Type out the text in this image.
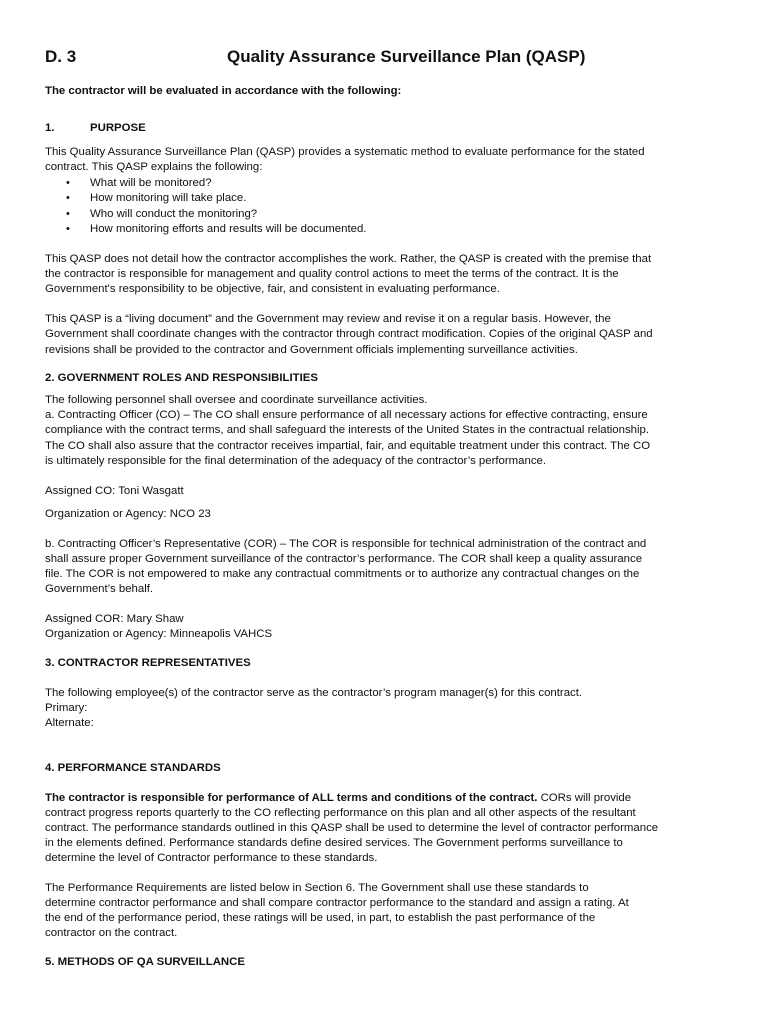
D. 3	Quality Assurance Surveillance Plan (QASP)
The contractor will be evaluated in accordance with the following:
1.	PURPOSE
This Quality Assurance Surveillance Plan (QASP) provides a systematic method to evaluate performance for the stated
contract. This QASP explains the following:
• What will be monitored?
• How monitoring will take place.
• Who will conduct the monitoring?
• How monitoring efforts and results will be documented.
This QASP does not detail how the contractor accomplishes the work. Rather, the QASP is created with the premise that
the contractor is responsible for management and quality control actions to meet the terms of the contract. It is the
Government's responsibility to be objective, fair, and consistent in evaluating performance.
This QASP is a “living document” and the Government may review and revise it on a regular basis. However, the
Government shall coordinate changes with the contractor through contract modification. Copies of the original QASP and
revisions shall be provided to the contractor and Government officials implementing surveillance activities.
2. GOVERNMENT ROLES AND RESPONSIBILITIES
The following personnel shall oversee and coordinate surveillance activities.
a. Contracting Officer (CO) – The CO shall ensure performance of all necessary actions for effective contracting, ensure
compliance with the contract terms, and shall safeguard the interests of the United States in the contractual relationship.
The CO shall also assure that the contractor receives impartial, fair, and equitable treatment under this contract. The CO
is ultimately responsible for the final determination of the adequacy of the contractor’s performance.
Assigned CO: Toni Wasgatt
Organization or Agency: NCO 23
b. Contracting Officer’s Representative (COR) – The COR is responsible for technical administration of the contract and
shall assure proper Government surveillance of the contractor’s performance. The COR shall keep a quality assurance
file. The COR is not empowered to make any contractual commitments or to authorize any contractual changes on the
Government’s behalf.
Assigned COR: Mary Shaw
Organization or Agency: Minneapolis VAHCS
3. CONTRACTOR REPRESENTATIVES
The following employee(s) of the contractor serve as the contractor’s program manager(s) for this contract.
Primary:
Alternate:
4. PERFORMANCE STANDARDS
The contractor is responsible for performance of ALL terms and conditions of the contract. CORs will provide
contract progress reports quarterly to the CO reflecting performance on this plan and all other aspects of the resultant
contract. The performance standards outlined in this QASP shall be used to determine the level of contractor performance
in the elements defined. Performance standards define desired services. The Government performs surveillance to
determine the level of Contractor performance to these standards.
The Performance Requirements are listed below in Section 6. The Government shall use these standards to
determine contractor performance and shall compare contractor performance to the standard and assign a rating. At
the end of the performance period, these ratings will be used, in part, to establish the past performance of the
contractor on the contract.
5. METHODS OF QA SURVEILLANCE
